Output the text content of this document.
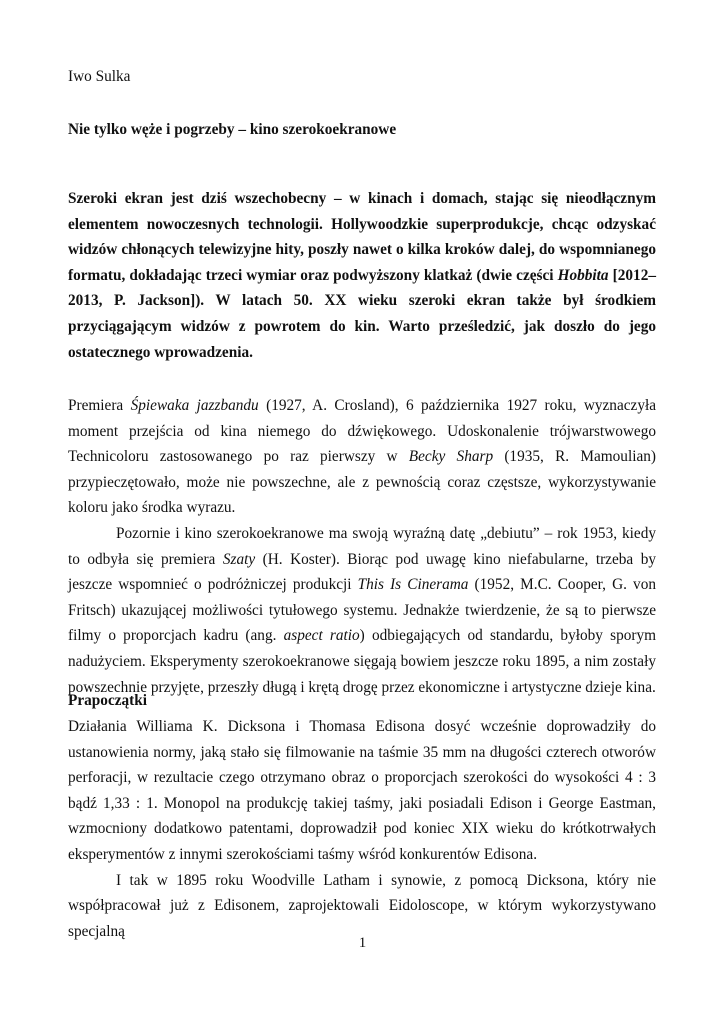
Iwo Sulka
Nie tylko węże i pogrzeby – kino szerokoekranowe
Szeroki ekran jest dziś wszechobecny – w kinach i domach, stając się nieodłącznym elementem nowoczesnych technologii. Hollywoodzkie superprodukcje, chcąc odzyskać widzów chłonących telewizyjne hity, poszły nawet o kilka kroków dalej, do wspomnianego formatu, dokładając trzeci wymiar oraz podwyższony klatkaż (dwie części Hobbita [2012–2013, P. Jackson]). W latach 50. XX wieku szeroki ekran także był środkiem przyciągającym widzów z powrotem do kin. Warto prześledzić, jak doszło do jego ostatecznego wprowadzenia.

Premiera Śpiewaka jazzbandu (1927, A. Crosland), 6 października 1927 roku, wyznaczyła moment przejścia od kina niemego do dźwiękowego. Udoskonalenie trójwarstwowego Technicoloru zastosowanego po raz pierwszy w Becky Sharp (1935, R. Mamoulian) przypieczętowało, może nie powszechne, ale z pewnością coraz częstsze, wykorzystywanie koloru jako środka wyrazu.

Pozornie i kino szerokoekranowe ma swoją wyraźną datę „debiutu” – rok 1953, kiedy to odbyła się premiera Szaty (H. Koster). Biorąc pod uwagę kino niefabularne, trzeba by jeszcze wspomnieć o podróżniczej produkcji This Is Cinerama (1952, M.C. Cooper, G. von Fritsch) ukazującej możliwości tytułowego systemu. Jednakże twierdzenie, że są to pierwsze filmy o proporcjach kadru (ang. aspect ratio) odbiegających od standardu, byłoby sporym nadużyciem. Eksperymenty szerokoekranowe sięgają bowiem jeszcze roku 1895, a nim zostały powszechnie przyjęte, przeszły długą i krętą drogę przez ekonomiczne i artystyczne dzieje kina.

Prapoczątki

Działania Williama K. Dicksona i Thomasa Edisona dosyć wcześnie doprowadziły do ustanowienia normy, jaką stało się filmowanie na taśmie 35 mm na długości czterech otworów perforacji, w rezultacie czego otrzymano obraz o proporcjach szerokości do wysokości 4 : 3 bądź 1,33 : 1. Monopol na produkcję takiej taśmy, jaki posiadali Edison i George Eastman, wzmocniony dodatkowo patentami, doprowadził pod koniec XIX wieku do krótkotrwałych eksperymentów z innymi szerokościami taśmy wśród konkurentów Edisona.

I tak w 1895 roku Woodville Latham i synowie, z pomocą Dicksona, który nie współpracował już z Edisonem, zaprojektowali Eidoloscope, w którym wykorzystywano specjalną

1
